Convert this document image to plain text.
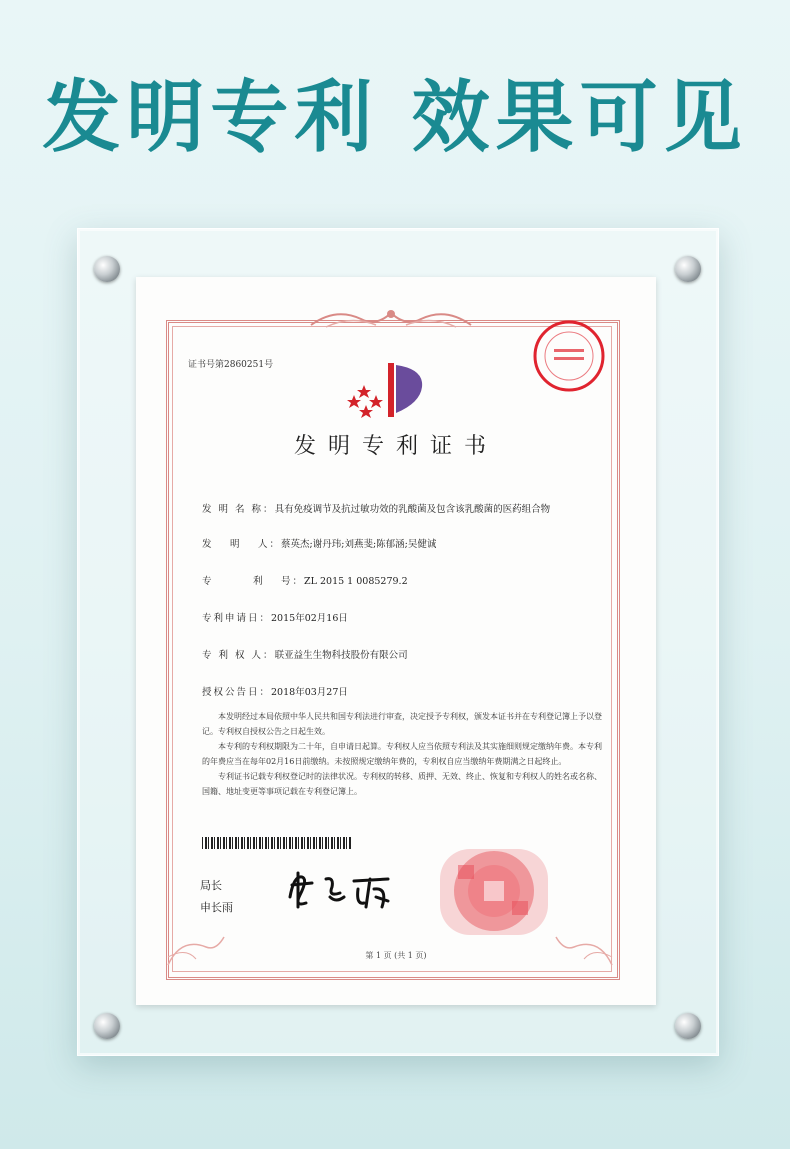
发明专利 效果可见
证书号第2860251号
发明专利证书
发 明 名 称：具有免疫调节及抗过敏功效的乳酸菌及包含该乳酸菌的医药组合物
发　 明　 人：蔡英杰;谢丹玮;刘燕斐;陈郁涵;吴健诚
专　　　 利　 号：ZL 2015 1 0085279.2
专利申请日：2015年02月16日
专 利 权 人：联亚益生生物科技股份有限公司
授权公告日：2018年03月27日

本发明经过本局依照中华人民共和国专利法进行审查，决定授予专利权，颁发本证书并在专利登记簿上予以登记。专利权自授权公告之日起生效。

本专利的专利权期限为二十年，自申请日起算。专利权人应当依照专利法及其实施细则规定缴纳年费。本专利的年费应当在每年02月16日前缴纳。未按照规定缴纳年费的，专利权自应当缴纳年费期满之日起终止。

专利证书记载专利权登记时的法律状况。专利权的转移、质押、无效、终止、恢复和专利权人的姓名或名称、国籍、地址变更等事项记载在专利登记簿上。

局长
申长雨
第 1 页 (共 1 页)
